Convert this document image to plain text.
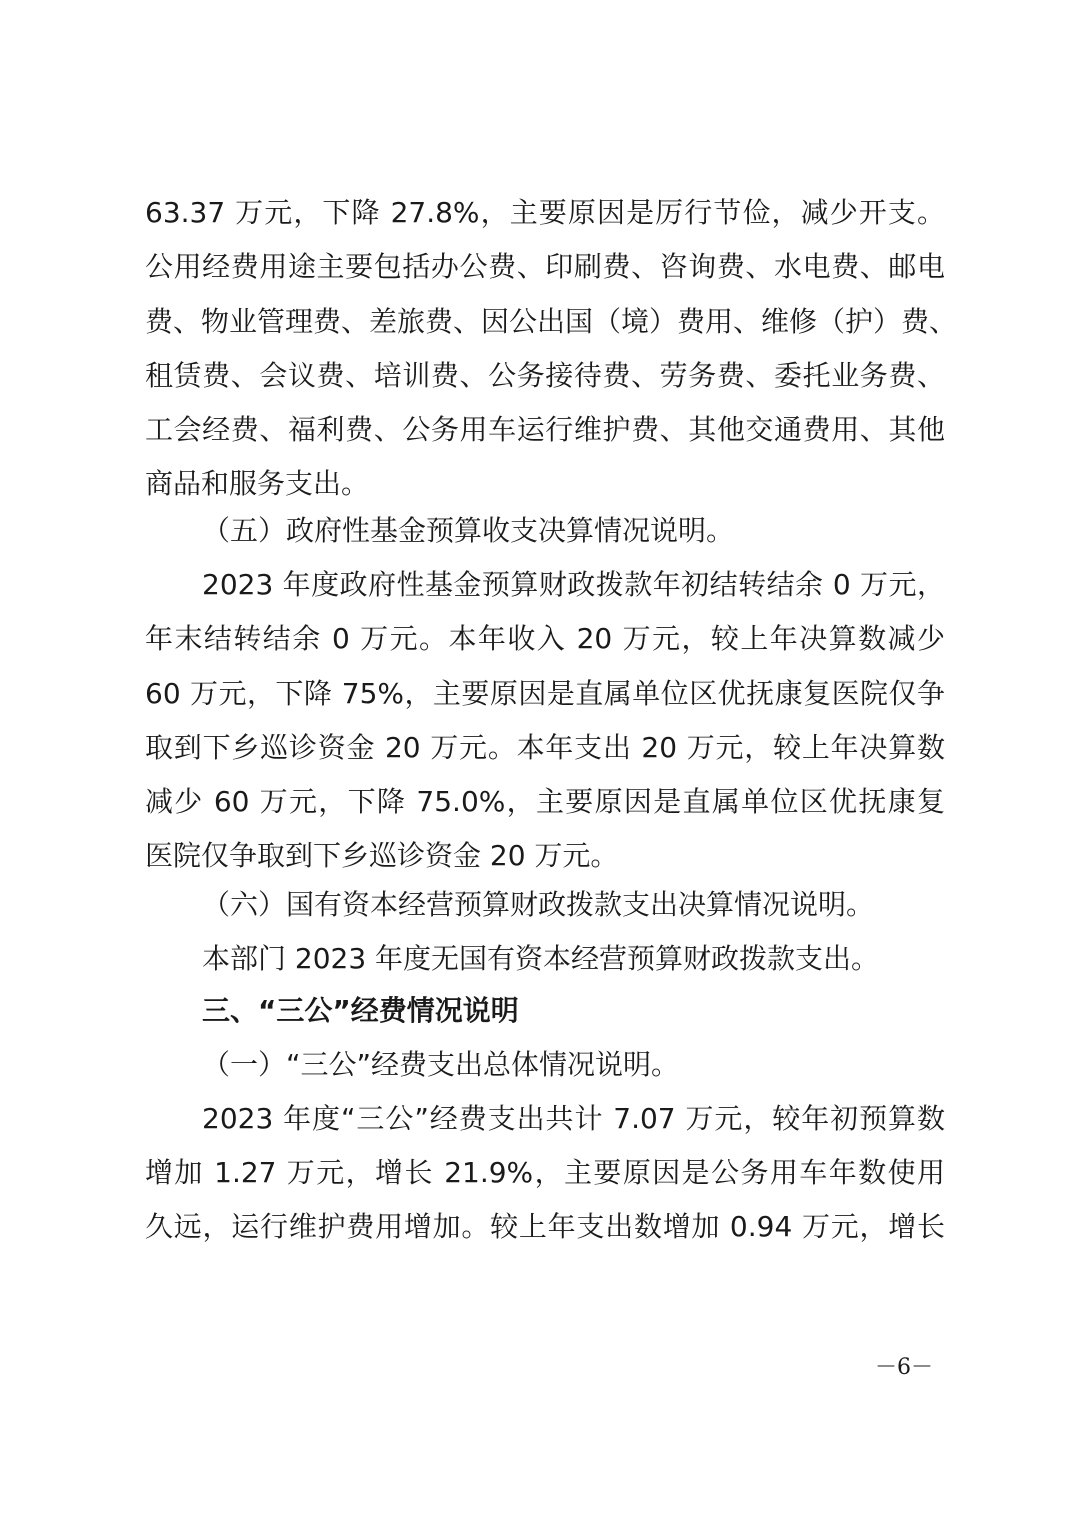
63.37 万元，下降 27.8%，主要原因是厉行节俭，减少开支。
公用经费用途主要包括办公费、印刷费、咨询费、水电费、邮电
费、物业管理费、差旅费、因公出国（境）费用、维修（护）费、
租赁费、会议费、培训费、公务接待费、劳务费、委托业务费、
工会经费、福利费、公务用车运行维护费、其他交通费用、其他
商品和服务支出。
（五）政府性基金预算收支决算情况说明。
2023 年度政府性基金预算财政拨款年初结转结余 0 万元，
年末结转结余 0 万元。本年收入 20 万元，较上年决算数减少
60 万元，下降 75%，主要原因是直属单位区优抚康复医院仅争
取到下乡巡诊资金 20 万元。本年支出 20 万元，较上年决算数
减少 60 万元，下降 75.0%，主要原因是直属单位区优抚康复
医院仅争取到下乡巡诊资金 20 万元。
（六）国有资本经营预算财政拨款支出决算情况说明。
本部门 2023 年度无国有资本经营预算财政拨款支出。
三、“三公”经费情况说明
（一）“三公”经费支出总体情况说明。
2023 年度“三公”经费支出共计 7.07 万元，较年初预算数
增加 1.27 万元，增长 21.9%，主要原因是公务用车年数使用
久远，运行维护费用增加。较上年支出数增加 0.94 万元，增长
－6－
